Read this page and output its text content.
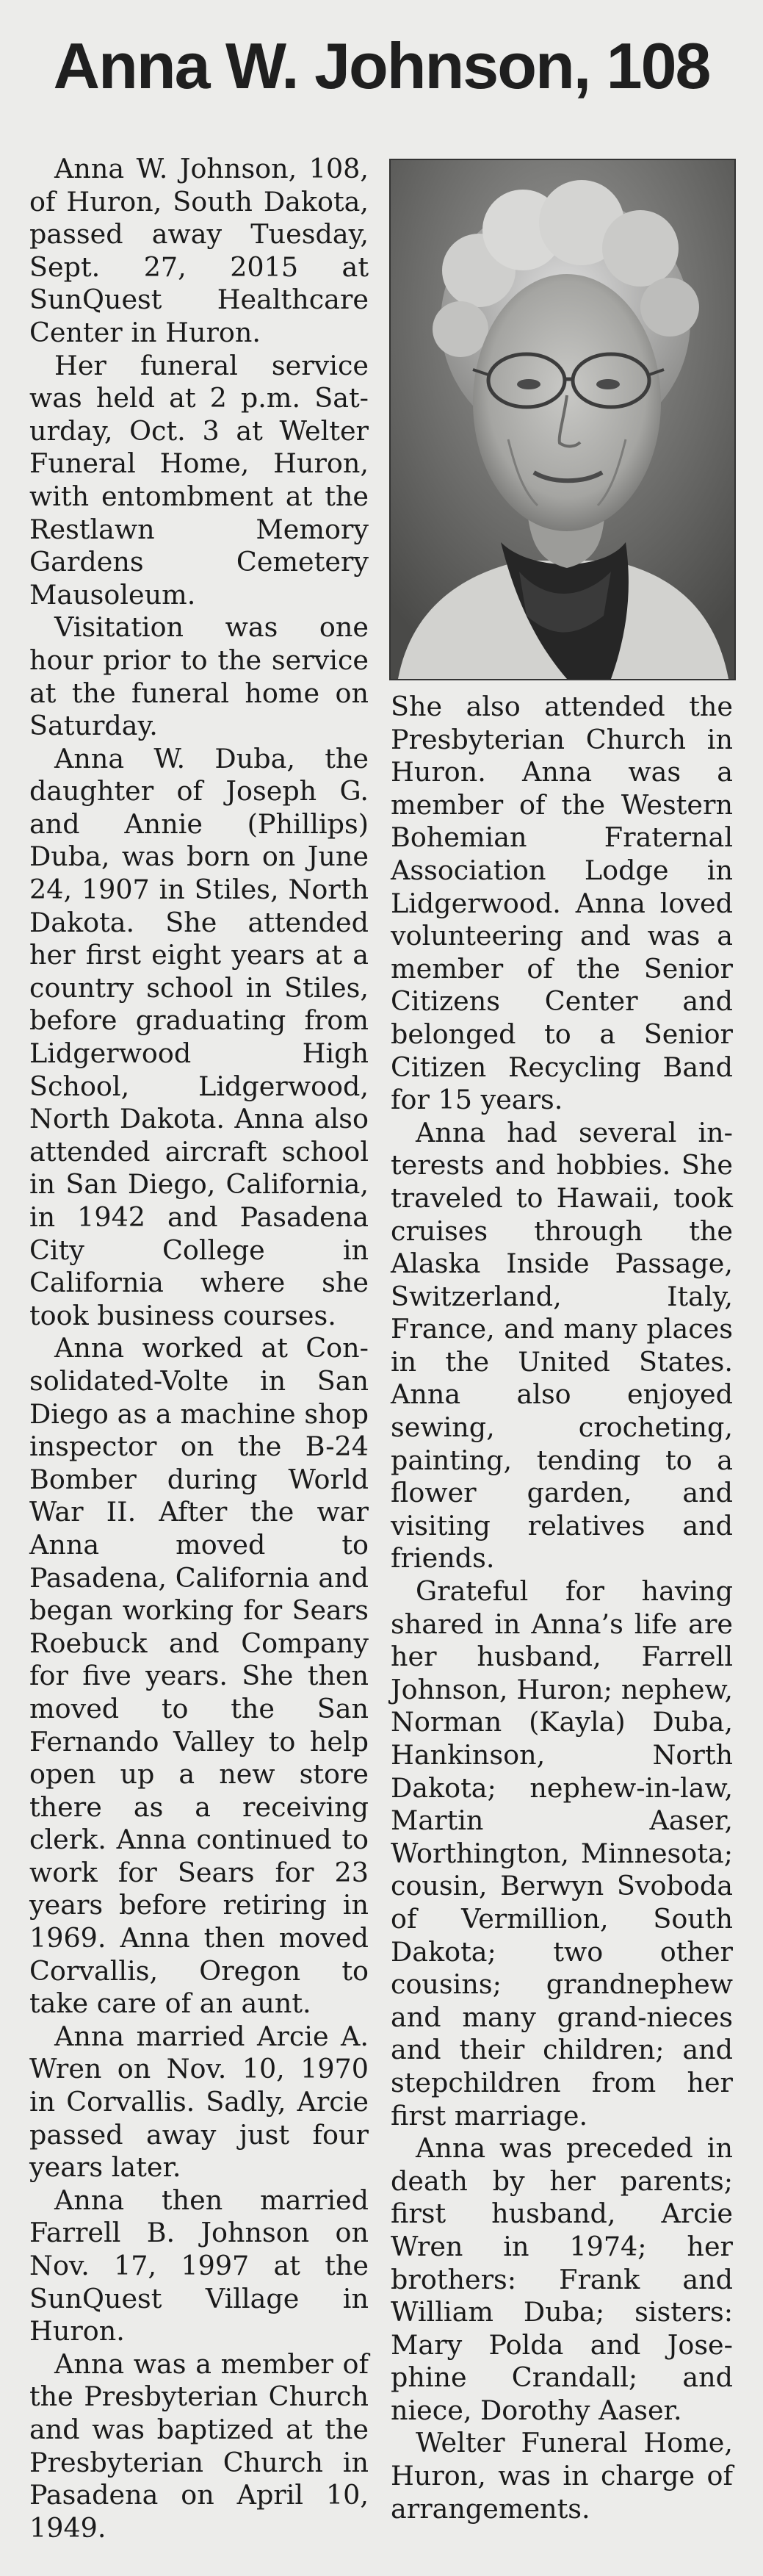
Anna W. Johnson, 108

Anna W. Johnson, 108, of Huron, South Dakota, passed away Tuesday, Sept. 27, 2015 at SunQuest Healthcare Center in Huron.

Her funeral service was held at 2 p.m. Saturday, Oct. 3 at Welter Funeral Home, Huron, with entombment at the Restlawn Memory Gardens Cemetery Mausoleum.

Visitation was one hour prior to the service at the funeral home on Saturday.

Anna W. Duba, the daughter of Joseph G. and Annie (Phillips) Duba, was born on June 24, 1907 in Stiles, North Dakota. She attended her first eight years at a country school in Stiles, before graduating from Lidgerwood High School, Lidgerwood, North Dakota. Anna also attended aircraft school in San Diego, California, in 1942 and Pasadena City College in California where she took business courses.

Anna worked at Consolidated-Volte in San Diego as a machine shop inspector on the B-24 Bomber during World War II. After the war Anna moved to Pasadena, California and began working for Sears Roebuck and Company for five years. She then moved to the San Fernando Valley to help open up a new store there as a receiving clerk. Anna continued to work for Sears for 23 years before retiring in 1969. Anna then moved Corvallis, Oregon to take care of an aunt.

Anna married Arcie A. Wren on Nov. 10, 1970 in Corvallis. Sadly, Arcie passed away just four years later.

Anna then married Farrell B. Johnson on Nov. 17, 1997 at the SunQuest Village in Huron.

Anna was a member of the Presbyterian Church and was baptized at the Presbyterian Church in Pasadena on April 10, 1949.

She also attended the Presbyterian Church in Huron. Anna was a member of the Western Bohemian Fraternal Association Lodge in Lidgerwood. Anna loved volunteering and was a member of the Senior Citizens Center and belonged to a Senior Citizen Recycling Band for 15 years.

Anna had several interests and hobbies. She traveled to Hawaii, took cruises through the Alaska Inside Passage, Switzerland, Italy, France, and many places in the United States. Anna also enjoyed sewing, crocheting, painting, tending to a flower garden, and visiting relatives and friends.

Grateful for having shared in Anna’s life are her husband, Farrell Johnson, Huron; nephew, Norman (Kayla) Duba, Hankinson, North Dakota; nephew-in-law, Martin Aaser, Worthington, Minnesota; cousin, Berwyn Svoboda of Vermillion, South Dakota; two other cousins; grandnephew and many grand-nieces and their children; and stepchildren from her first marriage.

Anna was preceded in death by her parents; first husband, Arcie Wren in 1974; her brothers: Frank and William Duba; sisters: Mary Polda and Josephine Crandall; and niece, Dorothy Aaser.

Welter Funeral Home, Huron, was in charge of arrangements.
